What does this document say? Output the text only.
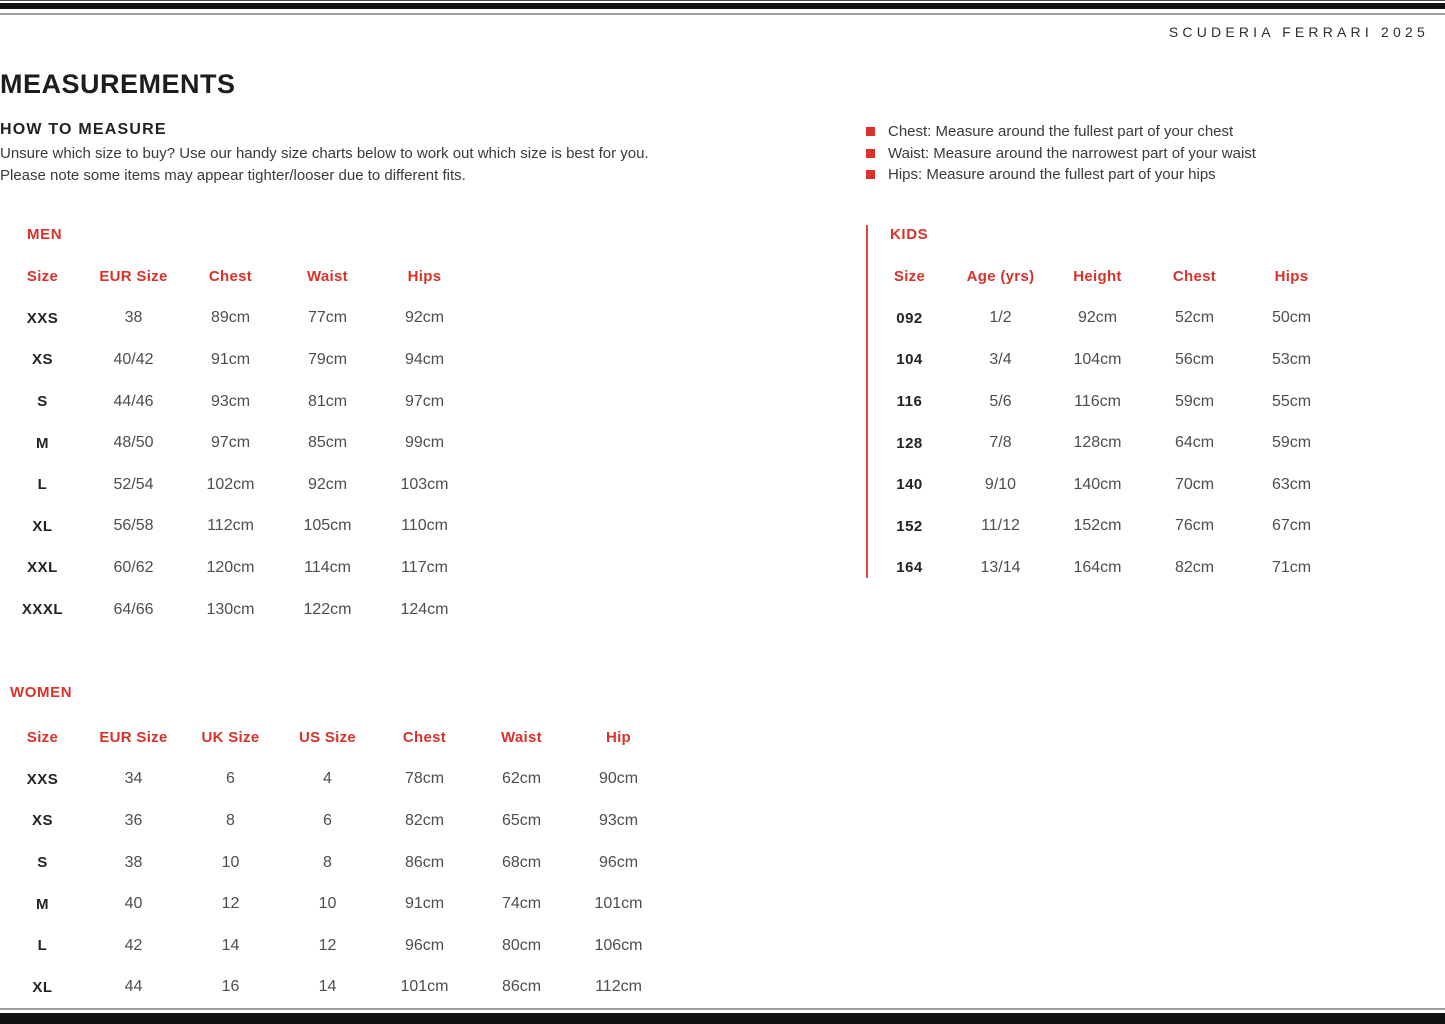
SCUDERIA FERRARI 2025
MEASUREMENTS
HOW TO MEASURE
Unsure which size to buy? Use our handy size charts below to work out which size is best for you.
Please note some items may appear tighter/looser due to different fits.
Chest: Measure around the fullest part of your chest
Waist: Measure around the narrowest part of your waist
Hips: Measure around the fullest part of your hips
MEN
Size	EUR Size	Chest	Waist	Hips
XXS	38	89cm	77cm	92cm
XS	40/42	91cm	79cm	94cm
S	44/46	93cm	81cm	97cm
M	48/50	97cm	85cm	99cm
L	52/54	102cm	92cm	103cm
XL	56/58	112cm	105cm	110cm
XXL	60/62	120cm	114cm	117cm
XXXL	64/66	130cm	122cm	124cm
KIDS
Size	Age (yrs)	Height	Chest	Hips
092	1/2	92cm	52cm	50cm
104	3/4	104cm	56cm	53cm
116	5/6	116cm	59cm	55cm
128	7/8	128cm	64cm	59cm
140	9/10	140cm	70cm	63cm
152	11/12	152cm	76cm	67cm
164	13/14	164cm	82cm	71cm
WOMEN
Size	EUR Size	UK Size	US Size	Chest	Waist	Hip
XXS	34	6	4	78cm	62cm	90cm
XS	36	8	6	82cm	65cm	93cm
S	38	10	8	86cm	68cm	96cm
M	40	12	10	91cm	74cm	101cm
L	42	14	12	96cm	80cm	106cm
XL	44	16	14	101cm	86cm	112cm
